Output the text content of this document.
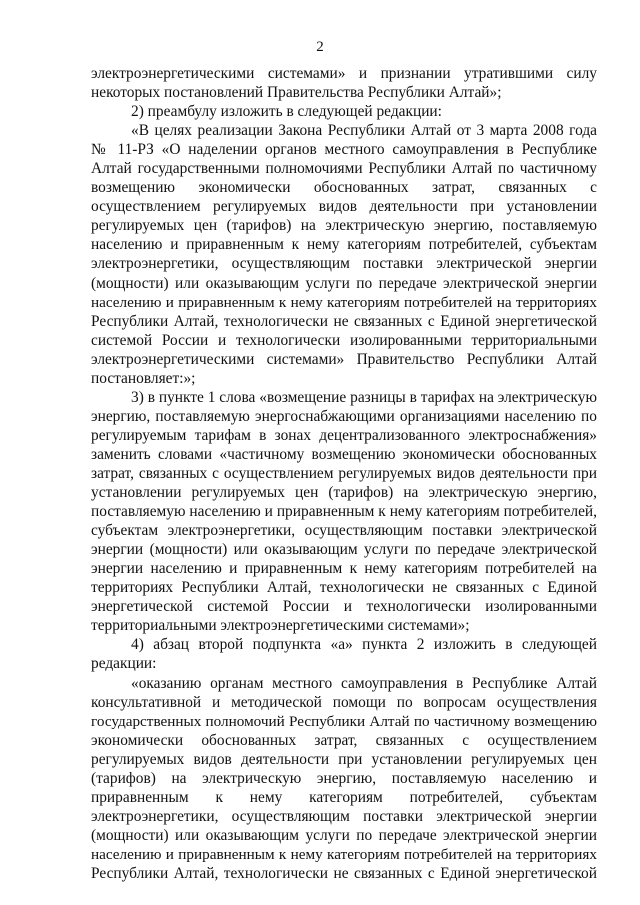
2
электроэнергетическими системами» и признании утратившими силу
некоторых постановлений Правительства Республики Алтай»;
2) преамбулу изложить в следующей редакции:
«В целях реализации Закона Республики Алтай от 3 марта 2008 года
№ 11-РЗ «О наделении органов местного самоуправления в Республике
Алтай государственными полномочиями Республики Алтай по частичному
возмещению экономически обоснованных затрат, связанных с
осуществлением регулируемых видов деятельности при установлении
регулируемых цен (тарифов) на электрическую энергию, поставляемую
населению и приравненным к нему категориям потребителей, субъектам
электроэнергетики, осуществляющим поставки электрической энергии
(мощности) или оказывающим услуги по передаче электрической энергии
населению и приравненным к нему категориям потребителей на территориях
Республики Алтай, технологически не связанных с Единой энергетической
системой России и технологически изолированными территориальными
электроэнергетическими системами» Правительство Республики Алтай
постановляет:»;
3) в пункте 1 слова «возмещение разницы в тарифах на электрическую
энергию, поставляемую энергоснабжающими организациями населению по
регулируемым тарифам в зонах децентрализованного электроснабжения»
заменить словами «частичному возмещению экономически обоснованных
затрат, связанных с осуществлением регулируемых видов деятельности при
установлении регулируемых цен (тарифов) на электрическую энергию,
поставляемую населению и приравненным к нему категориям потребителей,
субъектам электроэнергетики, осуществляющим поставки электрической
энергии (мощности) или оказывающим услуги по передаче электрической
энергии населению и приравненным к нему категориям потребителей на
территориях Республики Алтай, технологически не связанных с Единой
энергетической системой России и технологически изолированными
территориальными электроэнергетическими системами»;
4) абзац второй подпункта «а» пункта 2 изложить в следующей
редакции:
«оказанию органам местного самоуправления в Республике Алтай
консультативной и методической помощи по вопросам осуществления
государственных полномочий Республики Алтай по частичному возмещению
экономически обоснованных затрат, связанных с осуществлением
регулируемых видов деятельности при установлении регулируемых цен
(тарифов) на электрическую энергию, поставляемую населению и
приравненным к нему категориям потребителей, субъектам
электроэнергетики, осуществляющим поставки электрической энергии
(мощности) или оказывающим услуги по передаче электрической энергии
населению и приравненным к нему категориям потребителей на территориях
Республики Алтай, технологически не связанных с Единой энергетической
